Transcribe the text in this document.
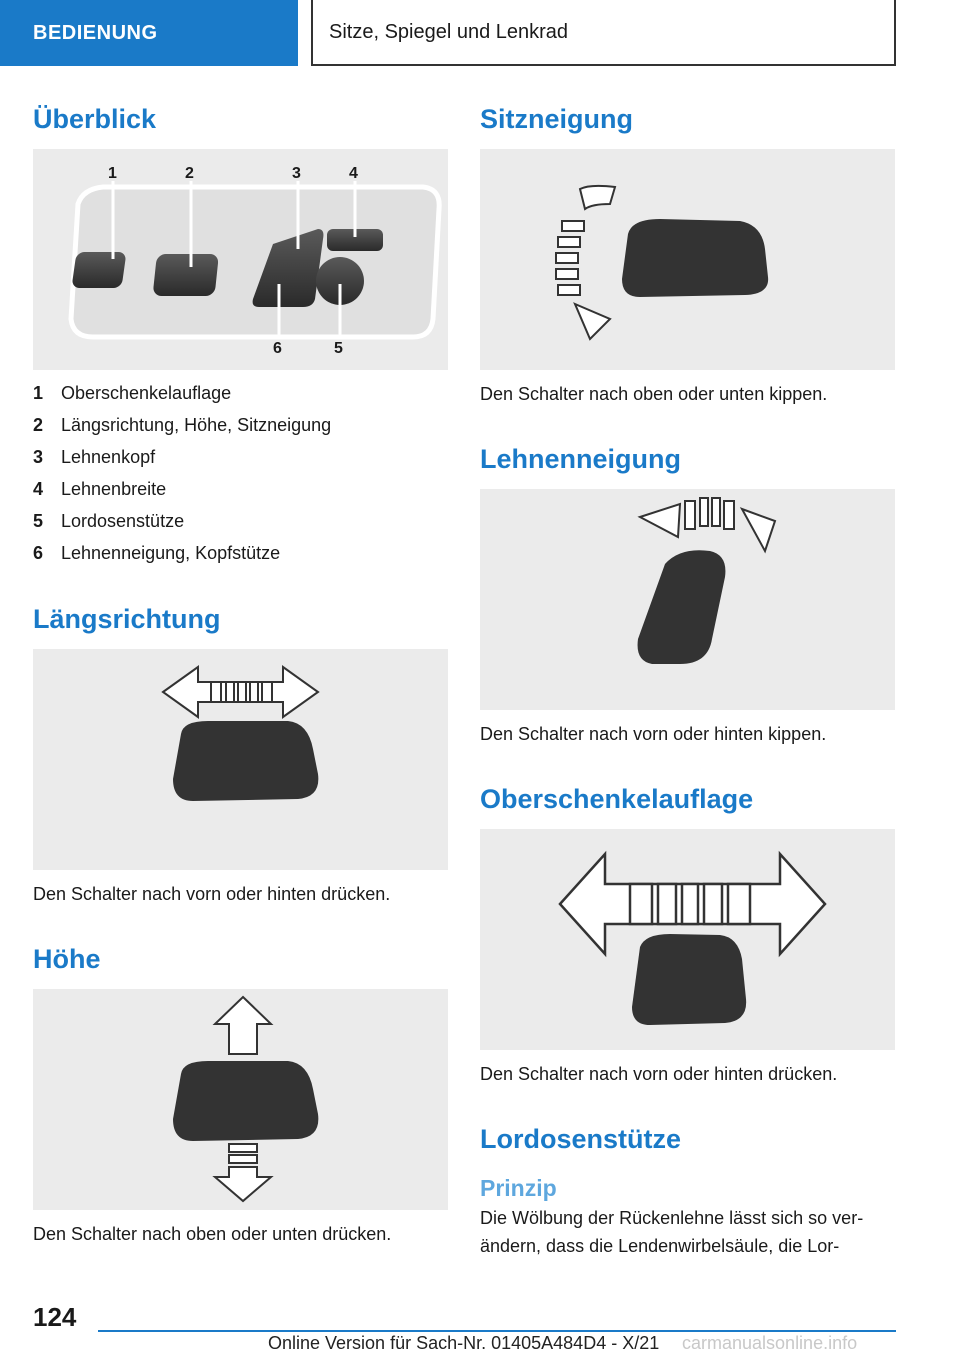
BEDIENUNG	Sitze, Spiegel und Lenkrad
Überblick
1	2	3	4
6	5
1 Oberschenkelauflage
2 Längsrichtung, Höhe, Sitzneigung
3 Lehnenkopf
4 Lehnenbreite
5 Lordosenstütze
6 Lehnenneigung, Kopfstütze
Längsrichtung

Den Schalter nach vorn oder hinten drücken.

Höhe

Den Schalter nach oben oder unten drücken.

Sitzneigung

Den Schalter nach oben oder unten kippen.

Lehnenneigung

Den Schalter nach vorn oder hinten kippen.

Oberschenkelauflage

Den Schalter nach vorn oder hinten drücken.

Lordosenstütze
Prinzip

Die Wölbung der Rückenlehne lässt sich so verändern, dass die Lendenwirbelsäule, die Lor-

124
Online Version für Sach-Nr. 01405A484D4 - X/21 carmanualsonline.info
